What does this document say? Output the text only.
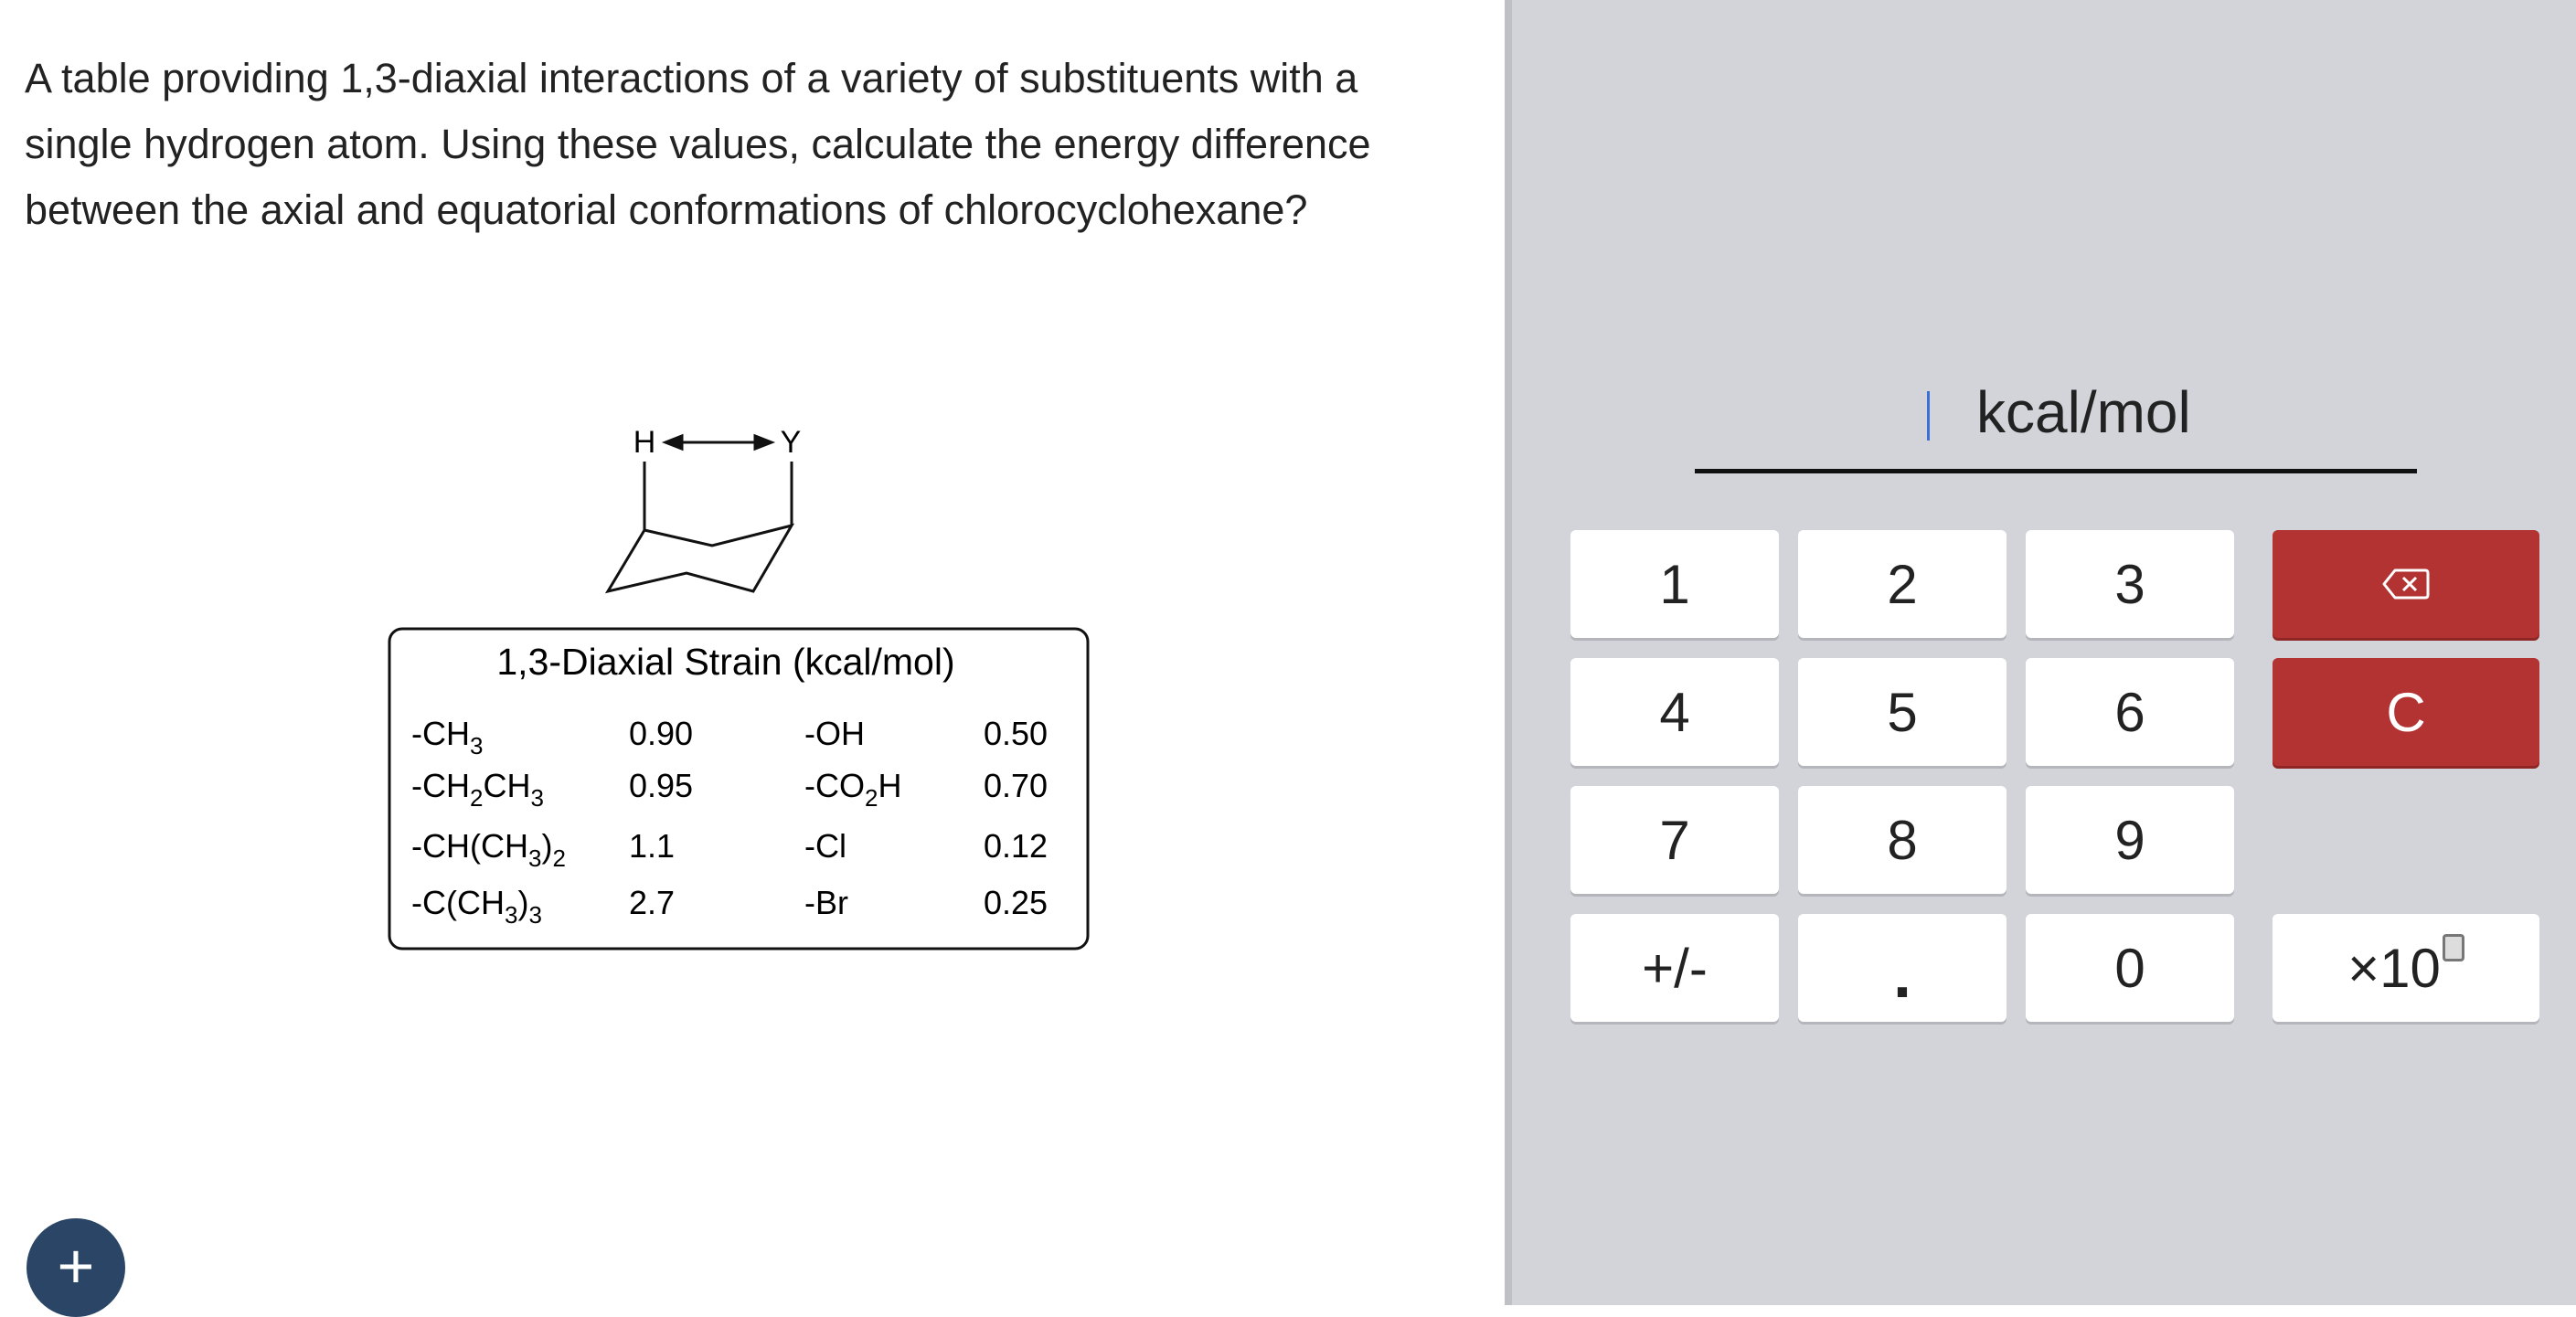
A table providing 1,3-diaxial interactions of a variety of substituents with a single hydrogen atom. Using these values, calculate the energy difference between the axial and equatorial conformations of chlorocyclohexane?

H	Y
1,3-Diaxial Strain (kcal/mol)
$-CH_3$	0.90	-OH	0.50
$-CH_2CH_3$	0.95	$-CO_2H$ 0.70
$-CH(CH_3)_2$ 1.1	-Cl	0.12
$-C(CH_3)_3$	2.7	-Br	0.25
+
kcal/mol
1	2	3
4	5	6	C
7	8	9
+/-	.	0	×10
